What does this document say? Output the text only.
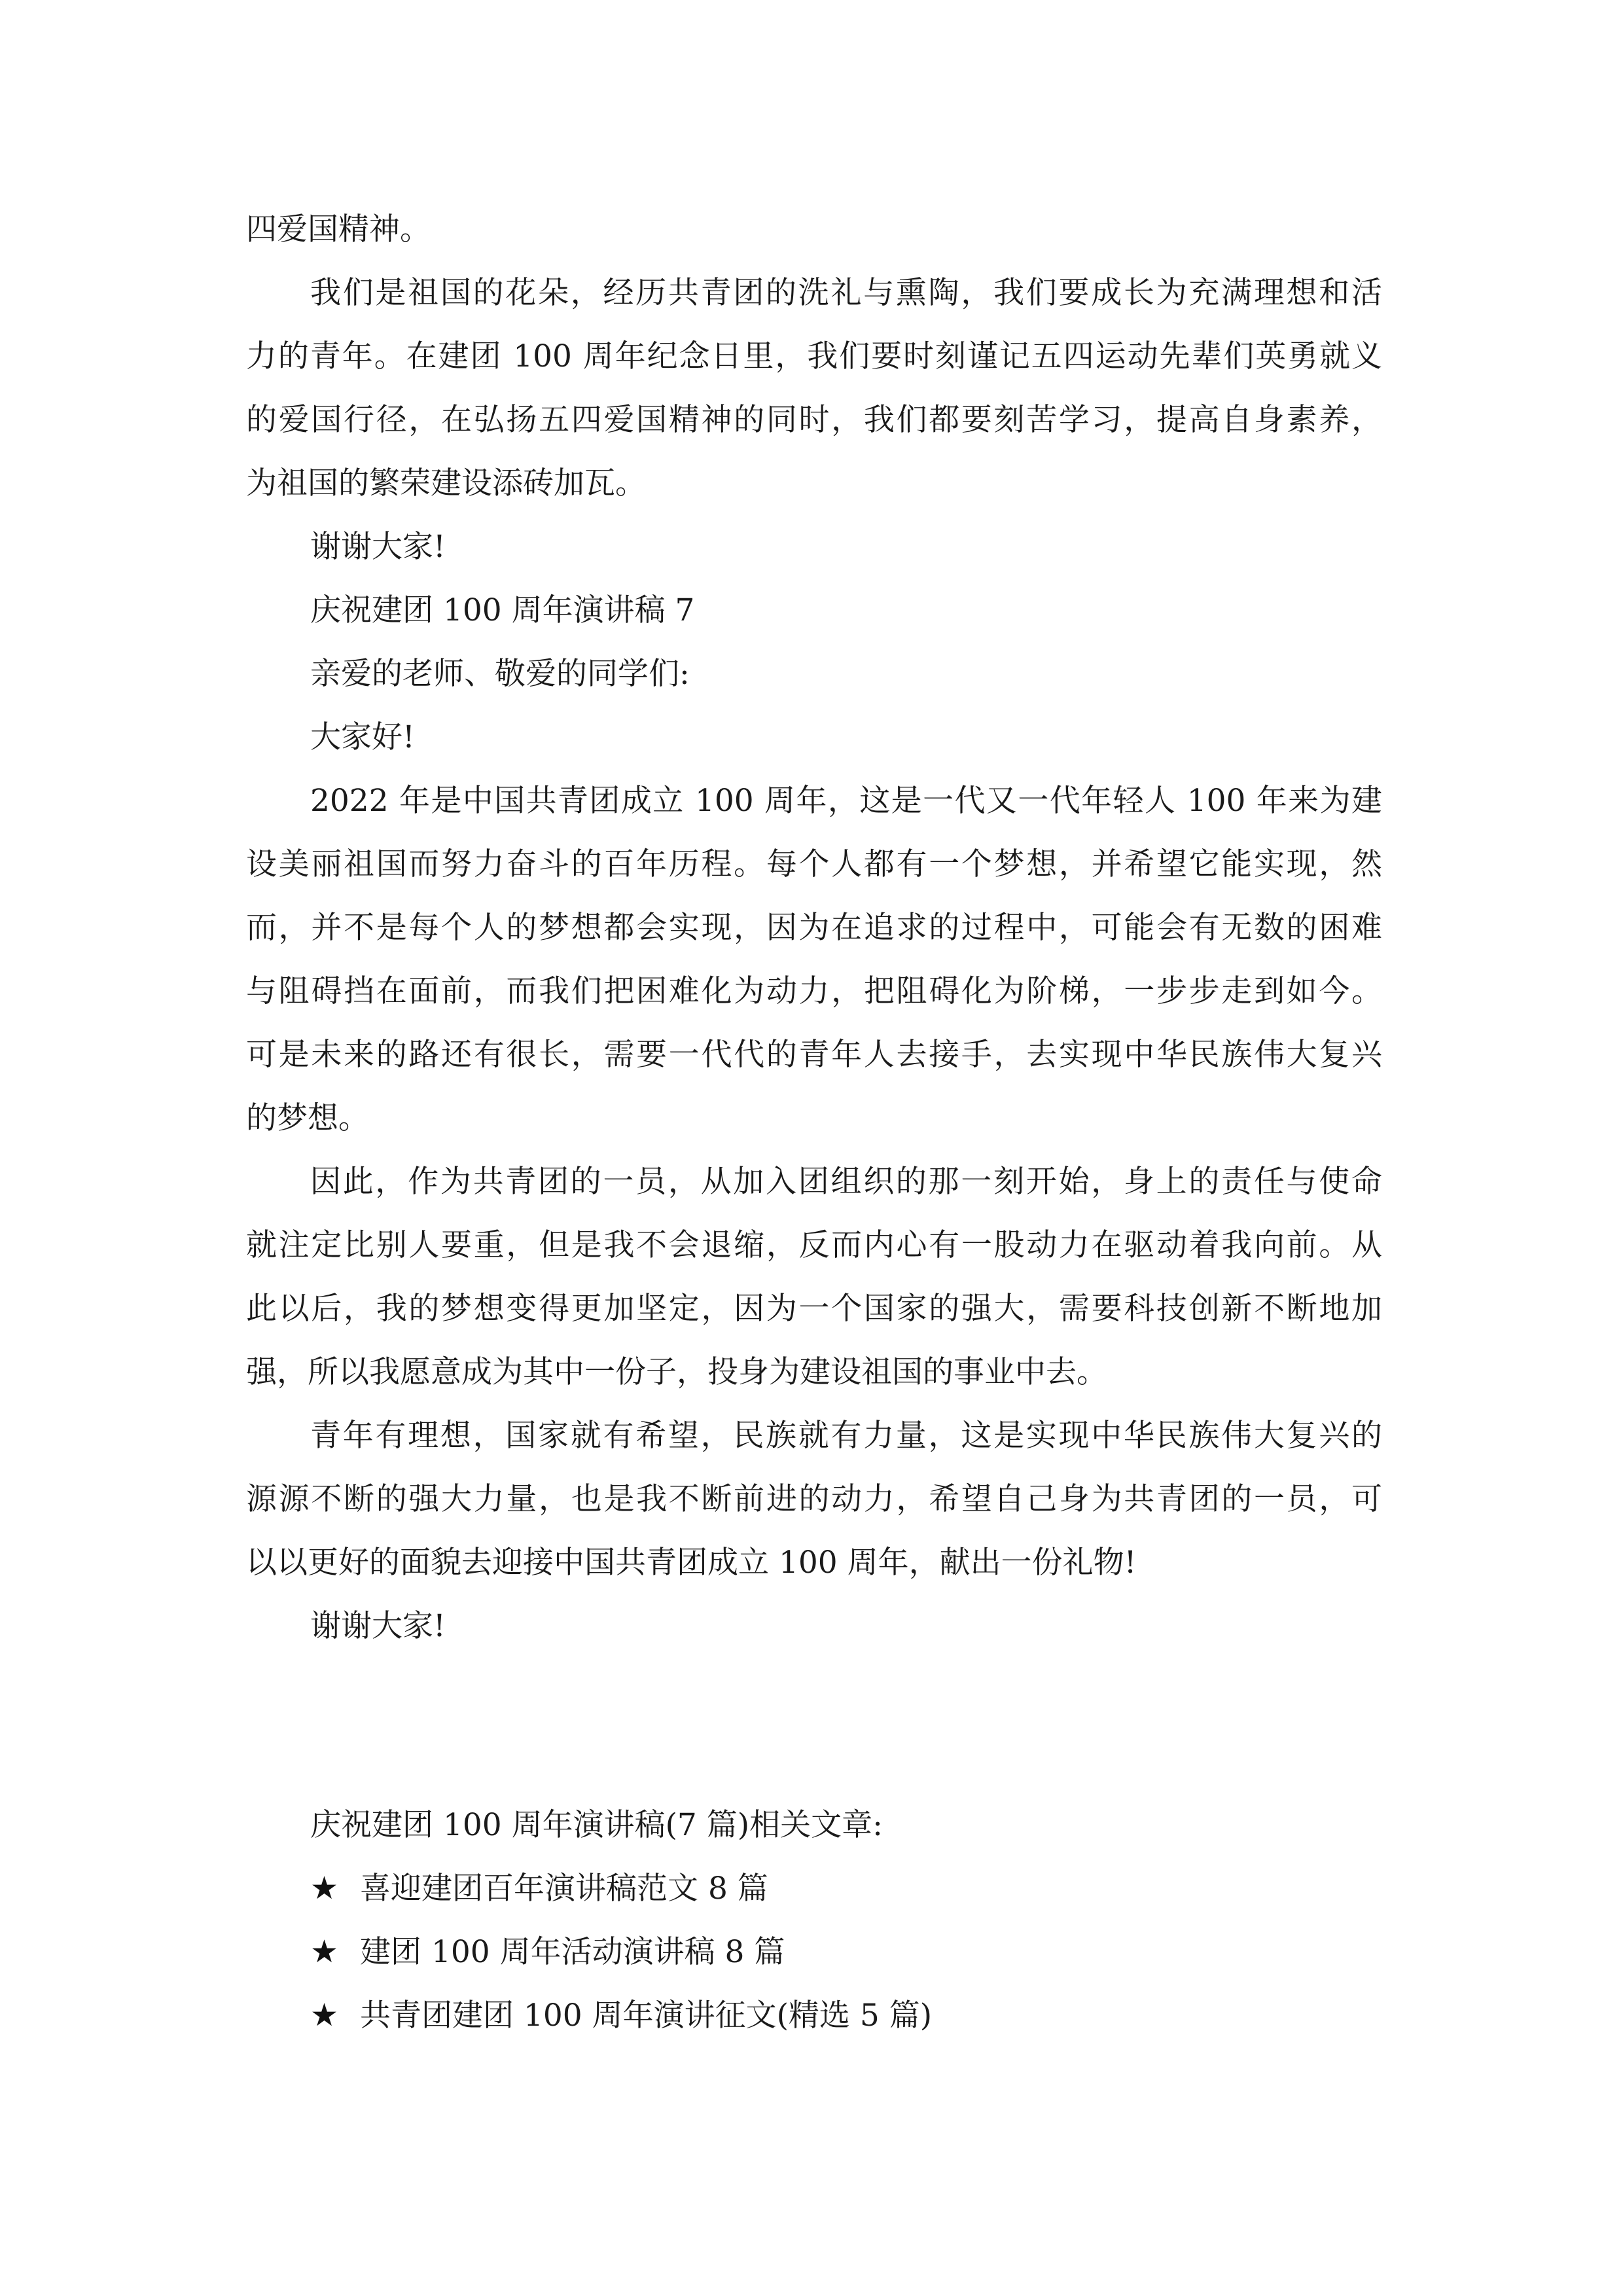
四爱国精神。
我们是祖国的花朵，经历共青团的洗礼与熏陶，我们要成长为充满理想和活
力的青年。在建团 100 周年纪念日里，我们要时刻谨记五四运动先辈们英勇就义
的爱国行径，在弘扬五四爱国精神的同时，我们都要刻苦学习，提高自身素养，
为祖国的繁荣建设添砖加瓦。
谢谢大家!
庆祝建团 100 周年演讲稿 7
亲爱的老师、敬爱的同学们:
大家好!
2022 年是中国共青团成立 100 周年，这是一代又一代年轻人 100 年来为建
设美丽祖国而努力奋斗的百年历程。每个人都有一个梦想，并希望它能实现，然
而，并不是每个人的梦想都会实现，因为在追求的过程中，可能会有无数的困难
与阻碍挡在面前，而我们把困难化为动力，把阻碍化为阶梯，一步步走到如今。
可是未来的路还有很长，需要一代代的青年人去接手，去实现中华民族伟大复兴
的梦想。
因此，作为共青团的一员，从加入团组织的那一刻开始，身上的责任与使命
就注定比别人要重，但是我不会退缩，反而内心有一股动力在驱动着我向前。从
此以后，我的梦想变得更加坚定，因为一个国家的强大，需要科技创新不断地加
强，所以我愿意成为其中一份子，投身为建设祖国的事业中去。
青年有理想，国家就有希望，民族就有力量，这是实现中华民族伟大复兴的
源源不断的强大力量，也是我不断前进的动力，希望自己身为共青团的一员，可
以以更好的面貌去迎接中国共青团成立 100 周年，献出一份礼物!
谢谢大家!
庆祝建团 100 周年演讲稿(7 篇)相关文章:
★ 喜迎建团百年演讲稿范文 8 篇
★ 建团 100 周年活动演讲稿 8 篇
★ 共青团建团 100 周年演讲征文(精选 5 篇)
